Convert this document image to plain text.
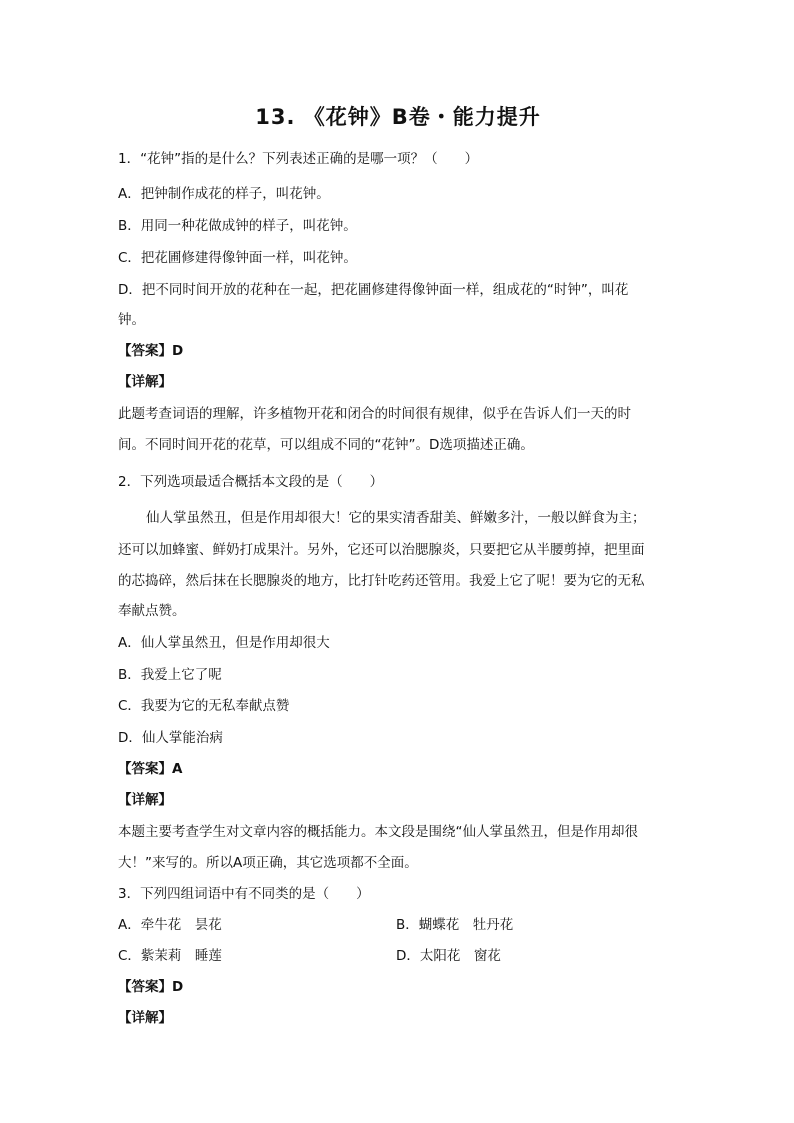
13. 《花钟》B卷・能力提升
1．“花钟”指的是什么？下列表述正确的是哪一项？（　　）
A．把钟制作成花的样子，叫花钟。
B．用同一种花做成钟的样子，叫花钟。
C．把花圃修建得像钟面一样，叫花钟。
D．把不同时间开放的花种在一起，把花圃修建得像钟面一样，组成花的“时钟”，叫花
钟。
【答案】D
【详解】
此题考查词语的理解，许多植物开花和闭合的时间很有规律，似乎在告诉人们一天的时
间。不同时间开花的花草，可以组成不同的“花钟”。D选项描述正确。
2．下列选项最适合概括本文段的是（　　）
仙人掌虽然丑，但是作用却很大！它的果实清香甜美、鲜嫩多汁，一般以鲜食为主；
还可以加蜂蜜、鲜奶打成果汁。另外，它还可以治腮腺炎，只要把它从半腰剪掉，把里面
的芯捣碎，然后抹在长腮腺炎的地方，比打针吃药还管用。我爱上它了呢！要为它的无私
奉献点赞。
A．仙人掌虽然丑，但是作用却很大
B．我爱上它了呢
C．我要为它的无私奉献点赞
D．仙人掌能治病
【答案】A
【详解】
本题主要考查学生对文章内容的概括能力。本文段是围绕“仙人掌虽然丑，但是作用却很
大！”来写的。所以A项正确，其它选项都不全面。
3．下列四组词语中有不同类的是（　　）
A．牵牛花　昙花	B．蝴蝶花　牡丹花
C．紫茉莉　睡莲	D．太阳花　窗花
【答案】D
【详解】
